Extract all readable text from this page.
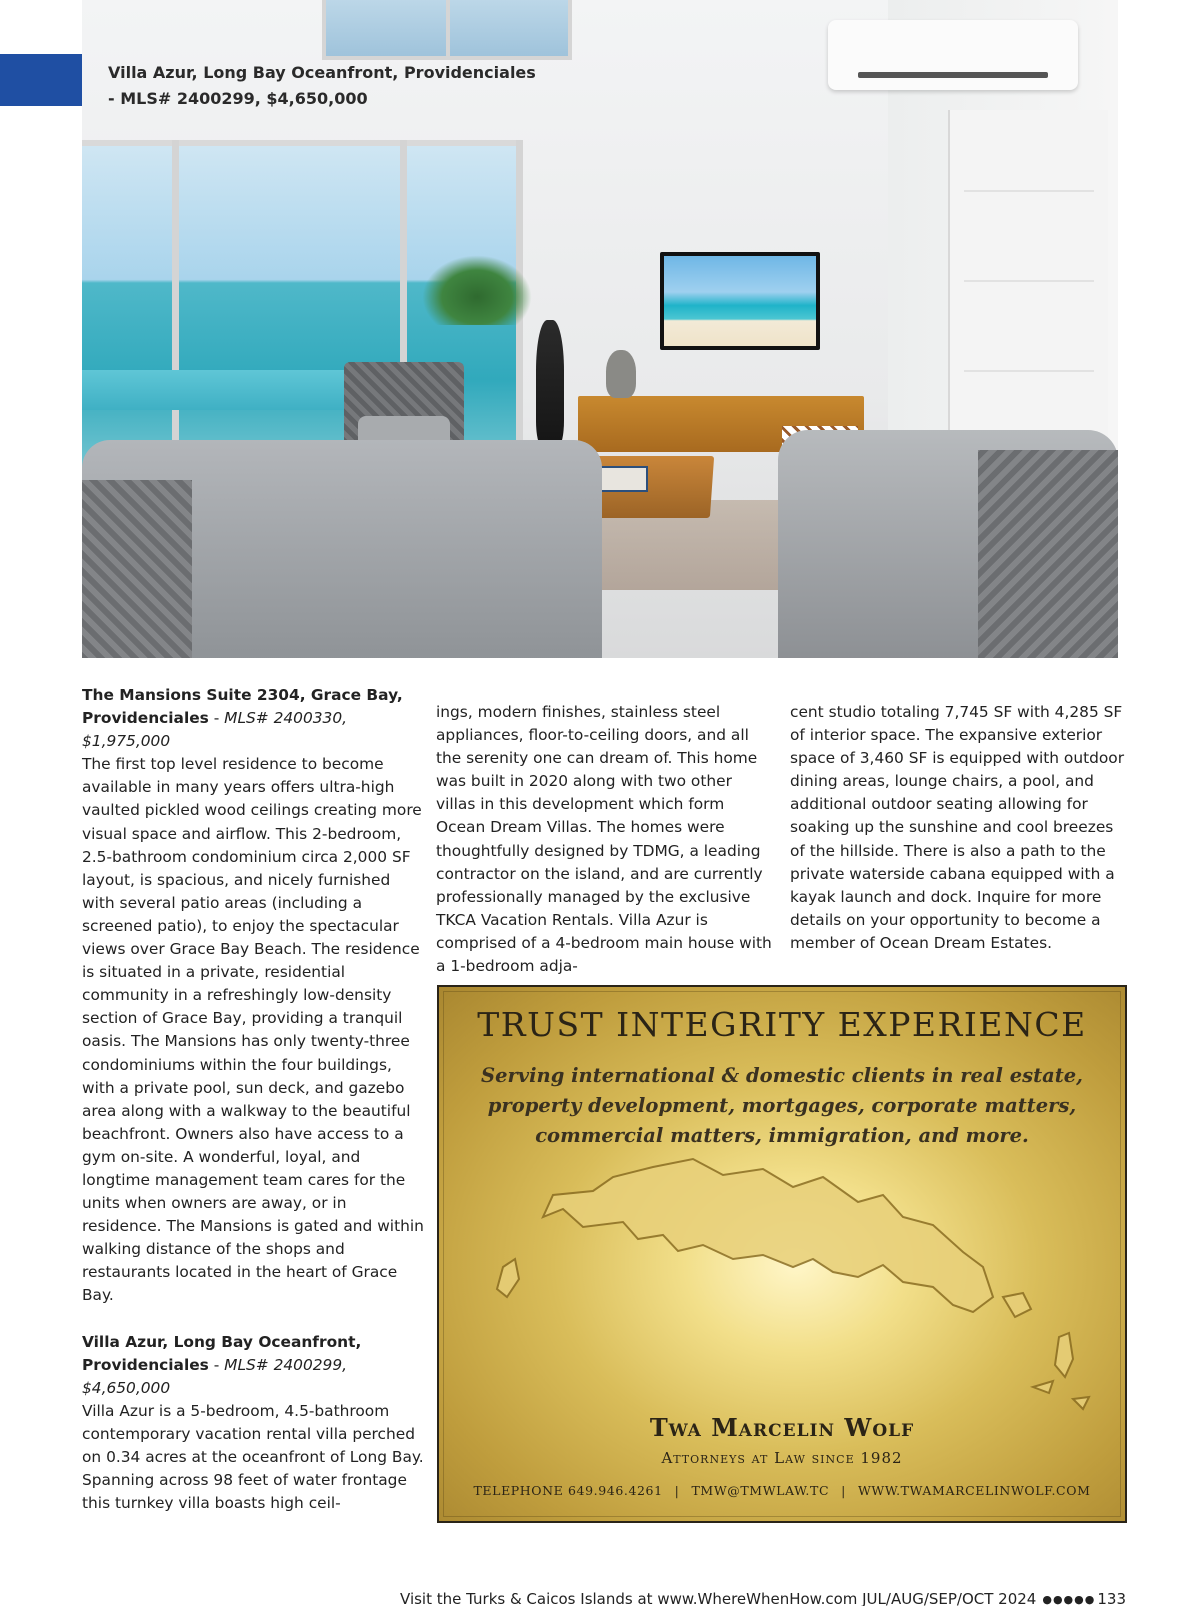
Villa Azur, Long Bay Oceanfront, Providenciales
- MLS# 2400299, $4,650,000

The Mansions Suite 2304, Grace Bay, Providenciales - MLS# 2400330, $1,975,000

The first top level residence to become available in many years offers ultra-high vaulted pickled wood ceilings creating more visual space and airflow. This 2-bedroom, 2.5-bathroom condominium circa 2,000 SF layout, is spacious, and nicely furnished with several patio areas (including a screened patio), to enjoy the spectacular views over Grace Bay Beach. The residence is situated in a private, residential community in a refreshingly low-density section of Grace Bay, providing a tranquil oasis. The Mansions has only twenty-three condominiums within the four buildings, with a private pool, sun deck, and gazebo area along with a walkway to the beautiful beachfront. Owners also have access to a gym on-site. A wonderful, loyal, and longtime management team cares for the units when owners are away, or in residence. The Mansions is gated and within walking distance of the shops and restaurants located in the heart of Grace Bay.

Villa Azur, Long Bay Oceanfront, Providenciales - MLS# 2400299, $4,650,000

Villa Azur is a 5-bedroom, 4.5-bathroom contemporary vacation rental villa perched on 0.34 acres at the oceanfront of Long Bay. Spanning across 98 feet of water frontage this turnkey villa boasts high ceil-

ings, modern finishes, stainless steel appliances, floor-to-ceiling doors, and all the serenity one can dream of. This home was built in 2020 along with two other villas in this development which form Ocean Dream Villas. The homes were thoughtfully designed by TDMG, a leading contractor on the island, and are currently professionally managed by the exclusive TKCA Vacation Rentals. Villa Azur is comprised of a 4-bedroom main house with a 1-bedroom adja-

cent studio totaling 7,745 SF with 4,285 SF of interior space. The expansive exterior space of 3,460 SF is equipped with outdoor dining areas, lounge chairs, a pool, and additional outdoor seating allowing for soaking up the sunshine and cool breezes of the hillside. There is also a path to the private waterside cabana equipped with a kayak launch and dock. Inquire for more details on your opportunity to become a member of Ocean Dream Estates.

TRUST INTEGRITY EXPERIENCE
Serving international & domestic clients in real estate, property development, mortgages, corporate matters, commercial matters, immigration, and more.
Twa Marcelin Wolf
Attorneys at Law since 1982
TELEPHONE 649.946.4261 | TMW@TMWLAW.TC | WWW.TWAMARCELINWOLF.COM
Visit the Turks & Caicos Islands at www.WhereWhenHow.com JUL/AUG/SEP/OCT 2024 ●●●●● 133
